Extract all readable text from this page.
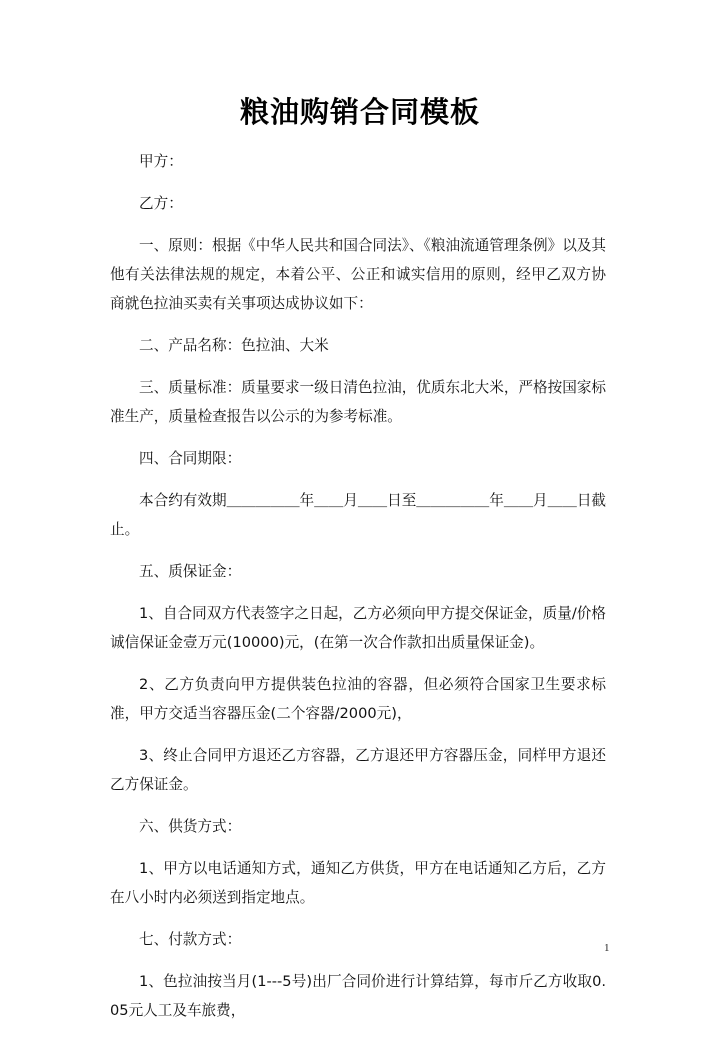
粮油购销合同模板

甲方：

乙方：

一、原则：根据《中华人民共和国合同法》、《粮油流通管理条例》以及其他有关法律法规的规定，本着公平、公正和诚实信用的原则，经甲乙双方协商就色拉油买卖有关事项达成协议如下：

二、产品名称：色拉油、大米

三、质量标准：质量要求一级日清色拉油，优质东北大米，严格按国家标准生产，质量检查报告以公示的为参考标准。

四、合同期限：

本合约有效期＿＿＿＿＿年＿＿月＿＿日至＿＿＿＿＿年＿＿月＿＿日截止。

五、质保证金：

1、自合同双方代表签字之日起，乙方必须向甲方提交保证金，质量/价格诚信保证金壹万元(10000)元，(在第一次合作款扣出质量保证金)。

2、乙方负责向甲方提供装色拉油的容器，但必须符合国家卫生要求标准，甲方交适当容器压金(二个容器/2000元)，

3、终止合同甲方退还乙方容器，乙方退还甲方容器压金，同样甲方退还乙方保证金。

六、供货方式：

1、甲方以电话通知方式，通知乙方供货，甲方在电话通知乙方后，乙方在八小时内必须送到指定地点。

七、付款方式：

1、色拉油按当月(1---5号)出厂合同价进行计算结算，每市斤乙方收取0.05元人工及车旅费，

1
